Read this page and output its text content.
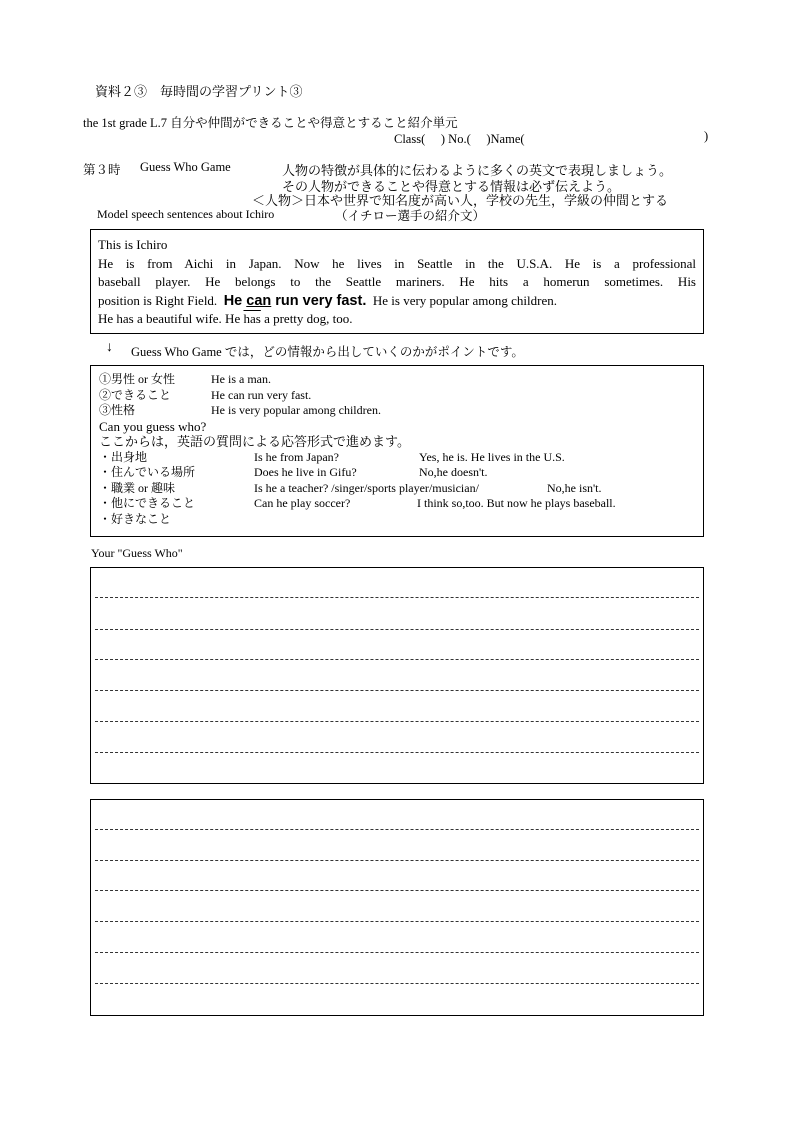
資料２③　毎時間の学習プリント③
the 1st grade L.7 自分や仲間ができることや得意とすること紹介単元
Class(　 ) No.(　 )Name(	)
第３時 Guess Who Game	人物の特徴が具体的に伝わるように多くの英文で表現しましょう。
その人物ができることや得意とする情報は必ず伝えよう。
＜人物＞日本や世界で知名度が高い人，学校の先生，学級の仲間とする
Model speech sentences about Ichiro	（イチロー選手の紹介文）
This is Ichiro
He is from Aichi in Japan. Now he lives in Seattle in the U.S.A. He is a professional
baseball player. He belongs to the Seattle mariners. He hits a homerun sometimes. His
position is Right Field. He can run very fast. He is very popular among children.
He has a beautiful wife. He $\overline{has}$ a pretty dog, too.
↓ Guess Who Game では，どの情報から出していくのかがポイントです。
①男性 or 女性	He is a man.
②できること	He can run very fast.
③性格	He is very popular among children.
Can you guess who?
ここからは，英語の質問による応答形式で進めます。
・出身地	Is he from Japan?	Yes, he is. He lives in the U.S.
・住んでいる場所	Does he live in Gifu?	No,he doesn't.
・職業 or 趣味	Is he a teacher? /singer/sports player/musician/	No,he isn't.
・他にできること	Can he play soccer?	I think so,too. But now he plays baseball.
・好きなこと
Your "Guess Who"
